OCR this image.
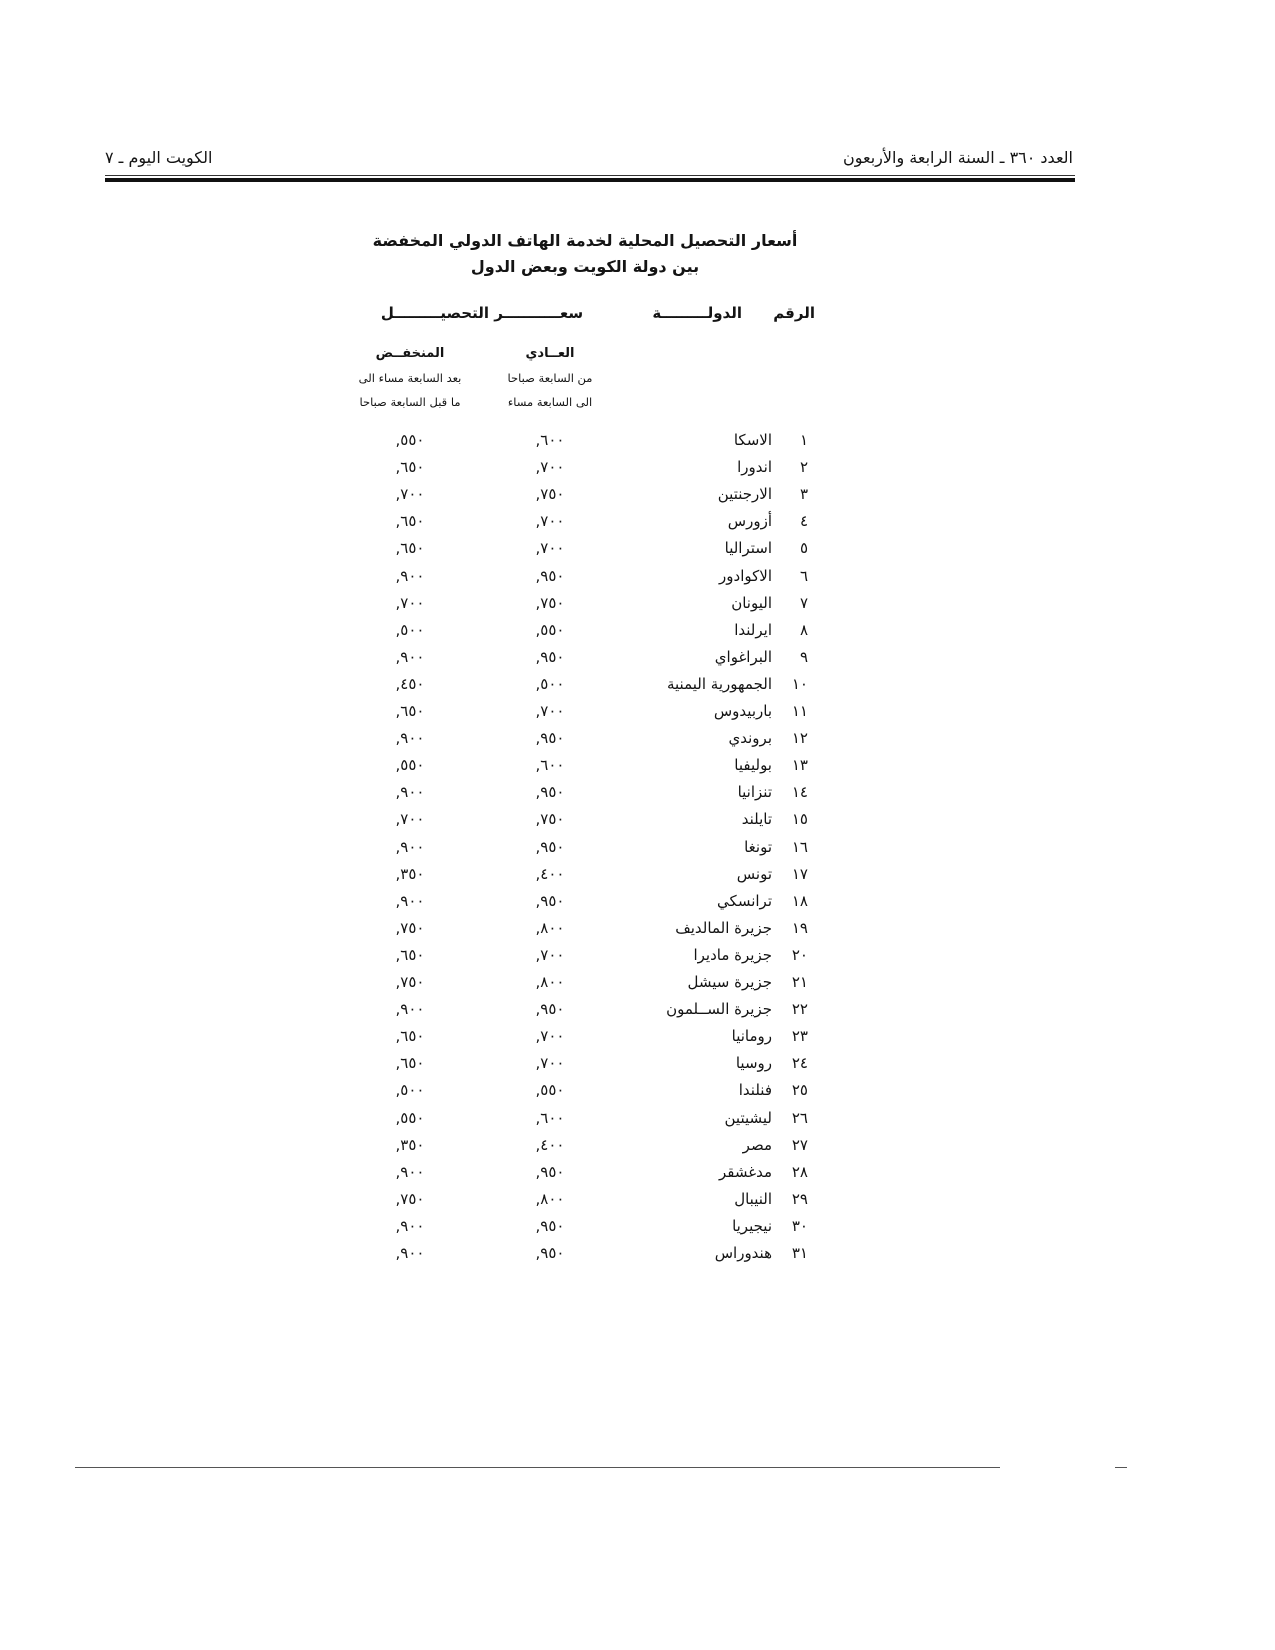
العدد ٣٦٠ ـ السنة الرابعة والأربعون
الكويت اليوم ـ ٧
أسعار التحصيل المحلية لخدمة الهاتف الدولي المخفضة
بين دولة الكويت وبعض الدول
الرقم
الدولـــــــــة
سعـــــــــــر التحصيـــــــــل
العــادي
من السابعة صباحا
الى السابعة مساء
المنخفــض
بعد السابعة مساء الى
ما قبل السابعة صباحا
١
الاسكا
,٦٠٠
,٥٥٠
٢
اندورا
,٧٠٠
,٦٥٠
٣
الارجنتين
,٧٥٠
,٧٠٠
٤
أزورس
,٧٠٠
,٦٥٠
٥
استراليا
,٧٠٠
,٦٥٠
٦
الاكوادور
,٩٥٠
,٩٠٠
٧
اليونان
,٧٥٠
,٧٠٠
٨
ايرلندا
,٥٥٠
,٥٠٠
٩
البراغواي
,٩٥٠
,٩٠٠
١٠
الجمهورية اليمنية
,٥٠٠
,٤٥٠
١١
باربيدوس
,٧٠٠
,٦٥٠
١٢
بروندي
,٩٥٠
,٩٠٠
١٣
بوليفيا
,٦٠٠
,٥٥٠
١٤
تنزانيا
,٩٥٠
,٩٠٠
١٥
تايلند
,٧٥٠
,٧٠٠
١٦
تونغا
,٩٥٠
,٩٠٠
١٧
تونس
,٤٠٠
,٣٥٠
١٨
ترانسكي
,٩٥٠
,٩٠٠
١٩
جزيرة المالديف
,٨٠٠
,٧٥٠
٢٠
جزيرة ماديرا
,٧٠٠
,٦٥٠
٢١
جزيرة سيشل
,٨٠٠
,٧٥٠
٢٢
جزيرة الســلمون
,٩٥٠
,٩٠٠
٢٣
رومانيا
,٧٠٠
,٦٥٠
٢٤
روسيا
,٧٠٠
,٦٥٠
٢٥
فنلندا
,٥٥٠
,٥٠٠
٢٦
ليشيتين
,٦٠٠
,٥٥٠
٢٧
مصر
,٤٠٠
,٣٥٠
٢٨
مدغشقر
,٩٥٠
,٩٠٠
٢٩
النيبال
,٨٠٠
,٧٥٠
٣٠
نيجيريا
,٩٥٠
,٩٠٠
٣١
هندوراس
,٩٥٠
,٩٠٠
